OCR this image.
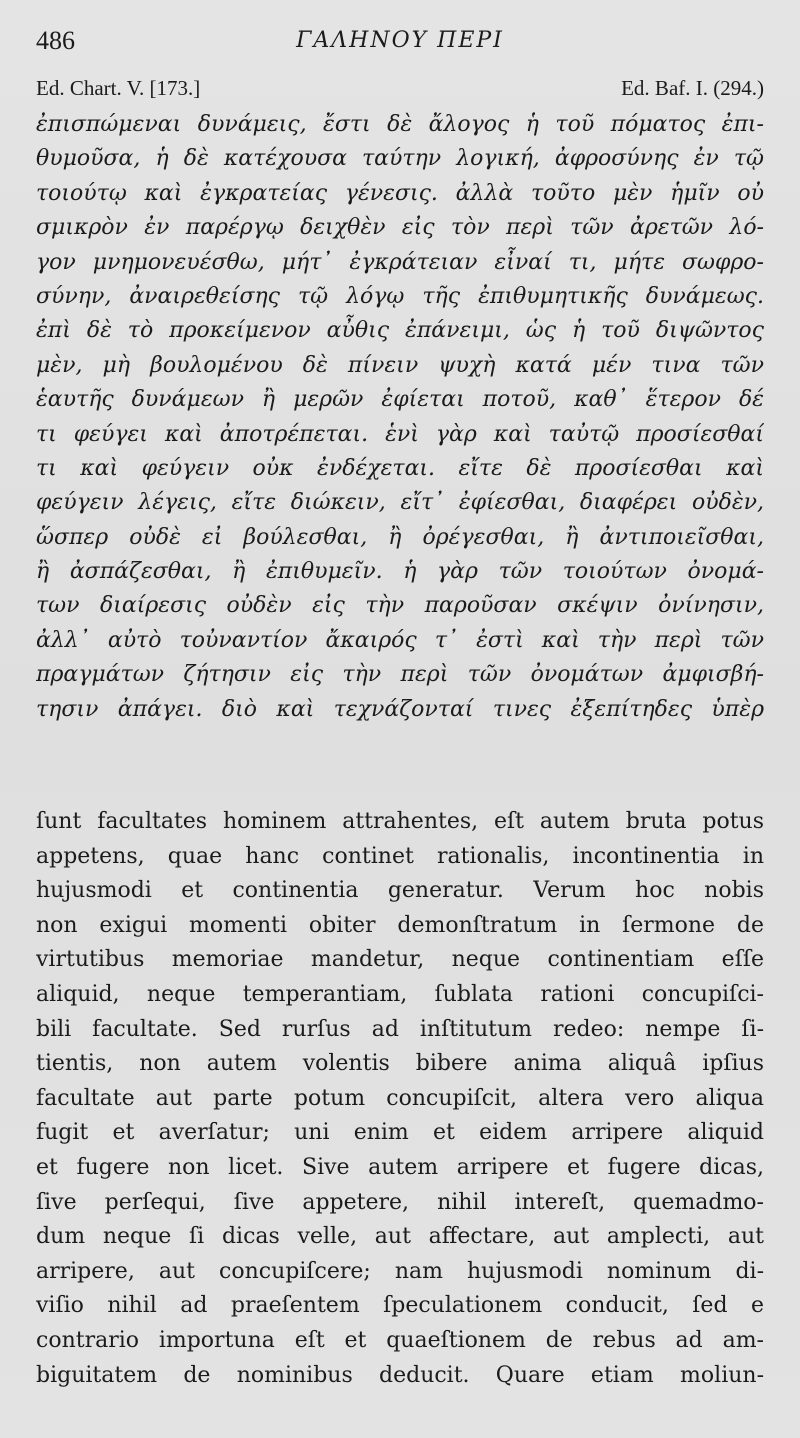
486	ΓΑΛΗΝΟΥ ΠΕΡΙ
Ed. Chart. V. [173.]	Ed. Baf. I. (294.)
ἐπισπώμεναι δυνάμεις, ἔστι δὲ ἄλογος ἡ τοῦ πόματος ἐπι-
θυμοῦσα, ἡ δὲ κατέχουσα ταύτην λογική, ἀφροσύνης ἐν τῷ
τοιούτῳ καὶ ἐγκρατείας γένεσις. ἀλλὰ τοῦτο μὲν ἡμῖν οὐ
σμικρὸν ἐν παρέργῳ δειχθὲν εἰς τὸν περὶ τῶν ἀρετῶν λό-
γον μνημονευέσθω, μήτ᾽ ἐγκράτειαν εἶναί τι, μήτε σωφρο-
σύνην, ἀναιρεθείσης τῷ λόγῳ τῆς ἐπιθυμητικῆς δυνάμεως.
ἐπὶ δὲ τὸ προκείμενον αὖθις ἐπάνειμι, ὡς ἡ τοῦ διψῶντος
μὲν, μὴ βουλομένου δὲ πίνειν ψυχὴ κατά μέν τινα τῶν
ἑαυτῆς δυνάμεων ἢ μερῶν ἐφίεται ποτοῦ, καθ᾽ ἕτερον δέ
τι φεύγει καὶ ἀποτρέπεται. ἑνὶ γὰρ καὶ ταὐτῷ προσίεσθαί
τι καὶ φεύγειν οὐκ ἐνδέχεται. εἴτε δὲ προσίεσθαι καὶ
φεύγειν λέγεις, εἴτε διώκειν, εἴτ᾽ ἐφίεσθαι, διαφέρει οὐδὲν,
ὥσπερ οὐδὲ εἰ βούλεσθαι, ἢ ὀρέγεσθαι, ἢ ἀντιποιεῖσθαι,
ἢ ἀσπάζεσθαι, ἢ ἐπιθυμεῖν. ἡ γὰρ τῶν τοιούτων ὀνομά-
των διαίρεσις οὐδὲν εἰς τὴν παροῦσαν σκέψιν ὀνίνησιν,
ἀλλ᾽ αὐτὸ τοὐναντίον ἄκαιρός τ᾽ ἐστὶ καὶ τὴν περὶ τῶν
πραγμάτων ζήτησιν εἰς τὴν περὶ τῶν ὀνομάτων ἀμφισβή-
τησιν ἀπάγει. διὸ καὶ τεχνάζονταί τινες ἐξεπίτηδες ὑπὲρ
ſunt facultates hominem attrahentes, eſt autem bruta potus
appetens, quae hanc continet rationalis, incontinentia in
hujusmodi et continentia generatur. Verum hoc nobis
non exigui momenti obiter demonſtratum in ſermone de
virtutibus memoriae mandetur, neque continentiam eſſe
aliquid, neque temperantiam, ſublata rationi concupiſci-
bili facultate. Sed rurſus ad inſtitutum redeo: nempe ſi-
tientis, non autem volentis bibere anima aliquâ ipſius
facultate aut parte potum concupiſcit, altera vero aliqua
fugit et averſatur; uni enim et eidem arripere aliquid
et fugere non licet. Sive autem arripere et fugere dicas,
ſive perſequi, ſive appetere, nihil intereſt, quemadmo-
dum neque ſi dicas velle, aut affectare, aut amplecti, aut
arripere, aut concupiſcere; nam hujusmodi nominum di-
viſio nihil ad praeſentem ſpeculationem conducit, ſed e
contrario importuna eſt et quaeſtionem de rebus ad am-
biguitatem de nominibus deducit. Quare etiam moliun-
